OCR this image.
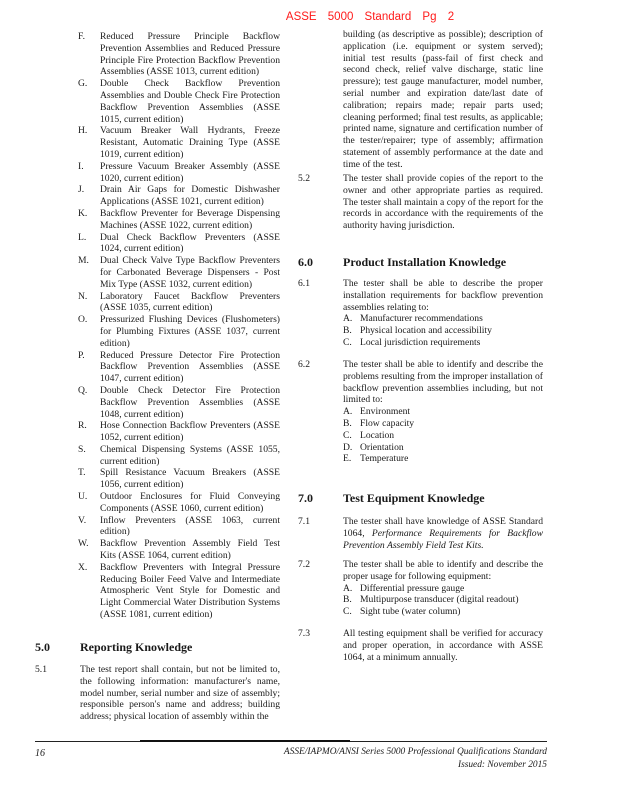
ASSE 5000 Standard Pg 2
F.	Reduced Pressure Principle Backflow Prevention Assemblies and Reduced Pressure Principle Fire Protection Backflow Prevention Assemblies (ASSE 1013, current edition)
G.	Double Check Backflow Prevention Assemblies and Double Check Fire Protection Backflow Prevention Assemblies (ASSE 1015, current edition)
H.	Vacuum Breaker Wall Hydrants, Freeze Resistant, Automatic Draining Type (ASSE 1019, current edition)
I.	Pressure Vacuum Breaker Assembly (ASSE 1020, current edition)
J.	Drain Air Gaps for Domestic Dishwasher Applications (ASSE 1021, current edition)
K.	Backflow Preventer for Beverage Dispensing Machines (ASSE 1022, current edition)
L.	Dual Check Backflow Preventers (ASSE 1024, current edition)
M.	Dual Check Valve Type Backflow Preventers for Carbonated Beverage Dispensers - Post Mix Type (ASSE 1032, current edition)
N.	Laboratory Faucet Backflow Preventers (ASSE 1035, current edition)
O.	Pressurized Flushing Devices (Flushometers) for Plumbing Fixtures (ASSE 1037, current edition)
P.	Reduced Pressure Detector Fire Protection Backflow Prevention Assemblies (ASSE 1047, current edition)
Q.	Double Check Detector Fire Protection Backflow Prevention Assemblies (ASSE 1048, current edition)
R.	Hose Connection Backflow Preventers (ASSE 1052, current edition)
S.	Chemical Dispensing Systems (ASSE 1055, current edition)
T.	Spill Resistance Vacuum Breakers (ASSE 1056, current edition)
U.	Outdoor Enclosures for Fluid Conveying Components (ASSE 1060, current edition)
V.	Inflow Preventers (ASSE 1063, current edition)
W.	Backflow Prevention Assembly Field Test Kits (ASSE 1064, current edition)
X.	Backflow Preventers with Integral Pressure Reducing Boiler Feed Valve and Intermediate Atmospheric Vent Style for Domestic and Light Commercial Water Distribution Systems (ASSE 1081, current edition)
5.0	Reporting Knowledge
5.1	The test report shall contain, but not be limited to, the following information: manufacturer's name, model number, serial number and size of assembly; responsible person's name and address; building address; physical location of assembly within the
building (as descriptive as possible); description of application (i.e. equipment or system served); initial test results (pass-fail of first check and second check, relief valve discharge, static line pressure); test gauge manufacturer, model number, serial number and expiration date/last date of calibration; repairs made; repair parts used; cleaning performed; final test results, as applicable; printed name, signature and certification number of the tester/repairer; type of assembly; affirmation statement of assembly performance at the date and time of the test.
5.2	The tester shall provide copies of the report to the owner and other appropriate parties as required. The tester shall maintain a copy of the report for the records in accordance with the requirements of the authority having jurisdiction.
6.0	Product Installation Knowledge
6.1	The tester shall be able to describe the proper installation requirements for backflow prevention assemblies relating to:
A. Manufacturer recommendations
B. Physical location and accessibility
C. Local jurisdiction requirements
6.2	The tester shall be able to identify and describe the problems resulting from the improper installation of backflow prevention assemblies including, but not limited to:
A. Environment
B. Flow capacity
C. Location
D. Orientation
E. Temperature
7.0	Test Equipment Knowledge
7.1	The tester shall have knowledge of ASSE Standard 1064, Performance Requirements for Backflow Prevention Assembly Field Test Kits.
7.2	The tester shall be able to identify and describe the proper usage for following equipment:
A. Differential pressure gauge
B. Multipurpose transducer (digital readout)
C. Sight tube (water column)
7.3	All testing equipment shall be verified for accuracy and proper operation, in accordance with ASSE 1064, at a minimum annually.
16	ASSE/IAPMO/ANSI Series 5000 Professional Qualifications Standard
Issued: November 2015
